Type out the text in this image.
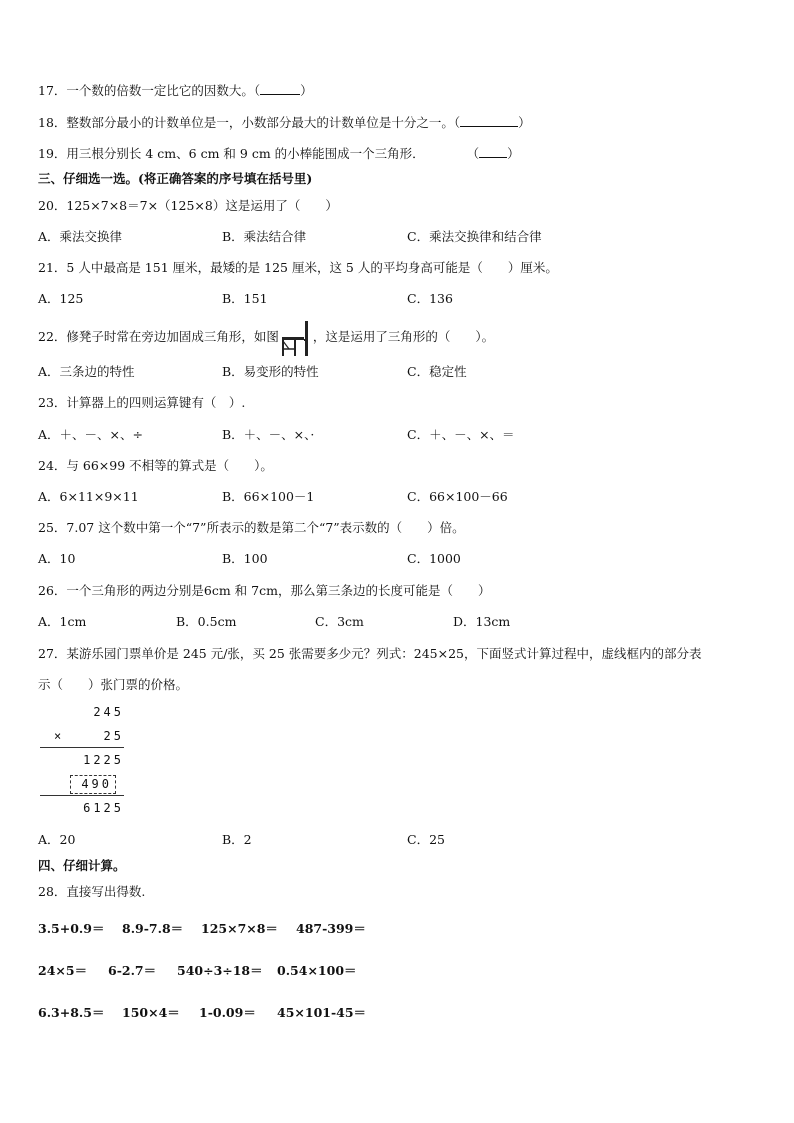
17．一个数的倍数一定比它的因数大。（	）
18．整数部分最小的计数单位是一，小数部分最大的计数单位是十分之一。（	）
19．用三根分别长 4 cm、6 cm 和 9 cm 的小棒能围成一个三角形．	（ ）
三、仔细选一选。(将正确答案的序号填在括号里)
20．125×7×8＝7×（125×8）这是运用了（　　）
A．乘法交换律	B．乘法结合律	C．乘法交换律和结合律
21．5 人中最高是 151 厘米，最矮的是 125 厘米，这 5 人的平均身高可能是（　　）厘米。
A．125	B．151	C．136
22．修凳子时常在旁边加固成三角形，如图	，这是运用了三角形的（　　）。
A．三条边的特性	B．易变形的特性	C．稳定性
23．计算器上的四则运算键有（　）.
A．＋、－、×、÷	B．＋、－、×、·	C．＋、－、×、＝
24．与 66×99 不相等的算式是（　　）。
A．6×11×9×11	B．66×100－1	C．66×100－66
25．7.07 这个数中第一个“7”所表示的数是第二个“7”表示数的（　　）倍。
A．10	B．100	C．1000
26．一个三角形的两边分别是6cm 和 7cm，那么第三条边的长度可能是（　　）
A．1cm	B．0.5cm	C．3cm	D．13cm
27．某游乐园门票单价是 245 元/张，买 25 张需要多少元？列式：245×25，下面竖式计算过程中，虚线框内的部分表
示（　　）张门票的价格。
245
×	25
1225
490
6125
A．20	B．2	C．25
四、仔细计算。
28．直接写出得数.
3.5+0.9＝ 8.9-7.8＝ 125×7×8＝ 487-399＝
24×5＝ 6-2.7＝ 540÷3÷18＝ 0.54×100＝
6.3+8.5＝ 150×4＝ 1-0.09＝ 45×101-45＝
